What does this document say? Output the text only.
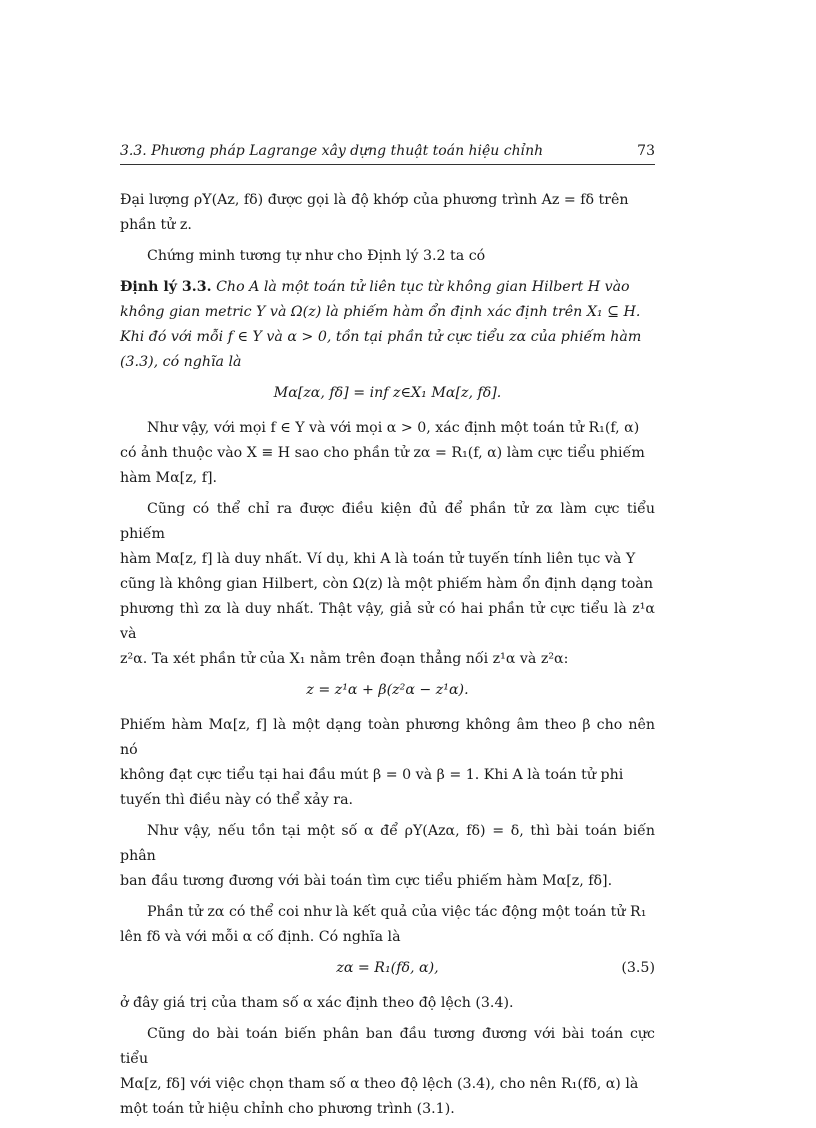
3.3. Phương pháp Lagrange xây dựng thuật toán hiệu chỉnh	73

Đại lượng ρY(Az, fδ) được gọi là độ khớp của phương trình Az = fδ trên
phần tử z.

Chứng minh tương tự như cho Định lý 3.2 ta có

Định lý 3.3. Cho A là một toán tử liên tục từ không gian Hilbert H vào
không gian metric Y và Ω(z) là phiếm hàm ổn định xác định trên X₁ ⊆ H.
Khi đó với mỗi f ∈ Y và α > 0, tồn tại phần tử cực tiểu zα của phiếm hàm
(3.3), có nghĩa là

Mα[zα, fδ] = inf z∈X₁ Mα[z, fδ].

Như vậy, với mọi f ∈ Y và với mọi α > 0, xác định một toán tử R₁(f, α)
có ảnh thuộc vào X ≡ H sao cho phần tử zα = R₁(f, α) làm cực tiểu phiếm
hàm Mα[z, f].

Cũng có thể chỉ ra được điều kiện đủ để phần tử zα làm cực tiểu phiếm
hàm Mα[z, f] là duy nhất. Ví dụ, khi A là toán tử tuyến tính liên tục và Y
cũng là không gian Hilbert, còn Ω(z) là một phiếm hàm ổn định dạng toàn
phương thì zα là duy nhất. Thật vậy, giả sử có hai phần tử cực tiểu là z¹α và
z²α. Ta xét phần tử của X₁ nằm trên đoạn thẳng nối z¹α và z²α:

z = z¹α + β(z²α − z¹α).

Phiếm hàm Mα[z, f] là một dạng toàn phương không âm theo β cho nên nó
không đạt cực tiểu tại hai đầu mút β = 0 và β = 1. Khi A là toán tử phi
tuyến thì điều này có thể xảy ra.

Như vậy, nếu tồn tại một số α để ρY(Azα, fδ) = δ, thì bài toán biến phân
ban đầu tương đương với bài toán tìm cực tiểu phiếm hàm Mα[z, fδ].

Phần tử zα có thể coi như là kết quả của việc tác động một toán tử R₁
lên fδ và với mỗi α cố định. Có nghĩa là

zα = R₁(fδ, α),	(3.5)

ở đây giá trị của tham số α xác định theo độ lệch (3.4).

Cũng do bài toán biến phân ban đầu tương đương với bài toán cực tiểu
Mα[z, fδ] với việc chọn tham số α theo độ lệch (3.4), cho nên R₁(fδ, α) là
một toán tử hiệu chỉnh cho phương trình (3.1).
